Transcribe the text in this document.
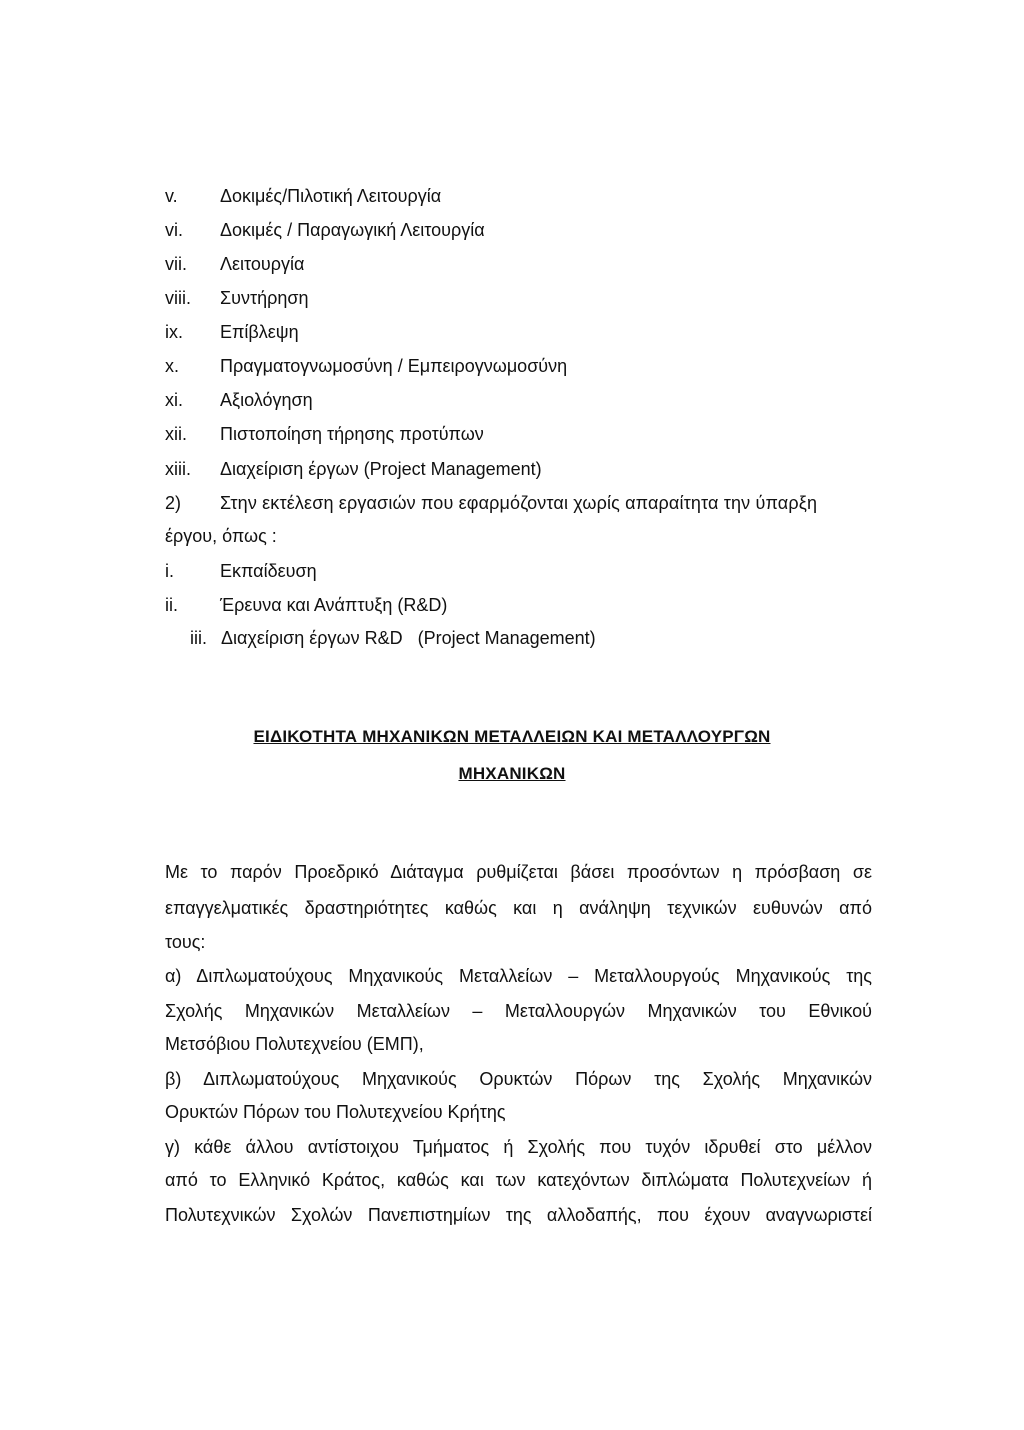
v. Δοκιμές/Πιλοτική Λειτουργία
vi. Δοκιμές / Παραγωγική Λειτουργία
vii. Λειτουργία
viii. Συντήρηση
ix. Επίβλεψη
x. Πραγματογνωμοσύνη / Εμπειρογνωμοσύνη
xi. Αξιολόγηση
xii. Πιστοποίηση τήρησης προτύπων
xiii. Διαχείριση έργων (Project Management)
2) Στην εκτέλεση εργασιών που εφαρμόζονται χωρίς απαραίτητα την ύπαρξη
έργου, όπως :
i.	Εκπαίδευση
ii. Έρευνα και Ανάπτυξη (R&D)
iii. Διαχείριση έργων R&D   (Project Management)
ΕΙΔΙΚΟΤΗΤΑ ΜΗΧΑΝΙΚΩΝ ΜΕΤΑΛΛΕΙΩΝ ΚΑΙ ΜΕΤΑΛΛΟΥΡΓΩΝ
ΜΗΧΑΝΙΚΩΝ
Με το παρόν Προεδρικό Διάταγμα ρυθμίζεται βάσει προσόντων η πρόσβαση σε
επαγγελματικές δραστηριότητες καθώς και η ανάληψη τεχνικών ευθυνών από
τους:
α) Διπλωματούχους Μηχανικούς Μεταλλείων – Μεταλλουργούς Μηχανικούς της
Σχολής Μηχανικών Μεταλλείων – Μεταλλουργών Μηχανικών του Εθνικού
Μετσόβιου Πολυτεχνείου (ΕΜΠ),
β) Διπλωματούχους Μηχανικούς Ορυκτών Πόρων της Σχολής Μηχανικών
Ορυκτών Πόρων του Πολυτεχνείου Κρήτης
γ) κάθε άλλου αντίστοιχου Τμήματος ή Σχολής που τυχόν ιδρυθεί στο μέλλον
από το Ελληνικό Κράτος, καθώς και των κατεχόντων διπλώματα Πολυτεχνείων ή
Πολυτεχνικών Σχολών Πανεπιστημίων της αλλοδαπής, που έχουν αναγνωριστεί
